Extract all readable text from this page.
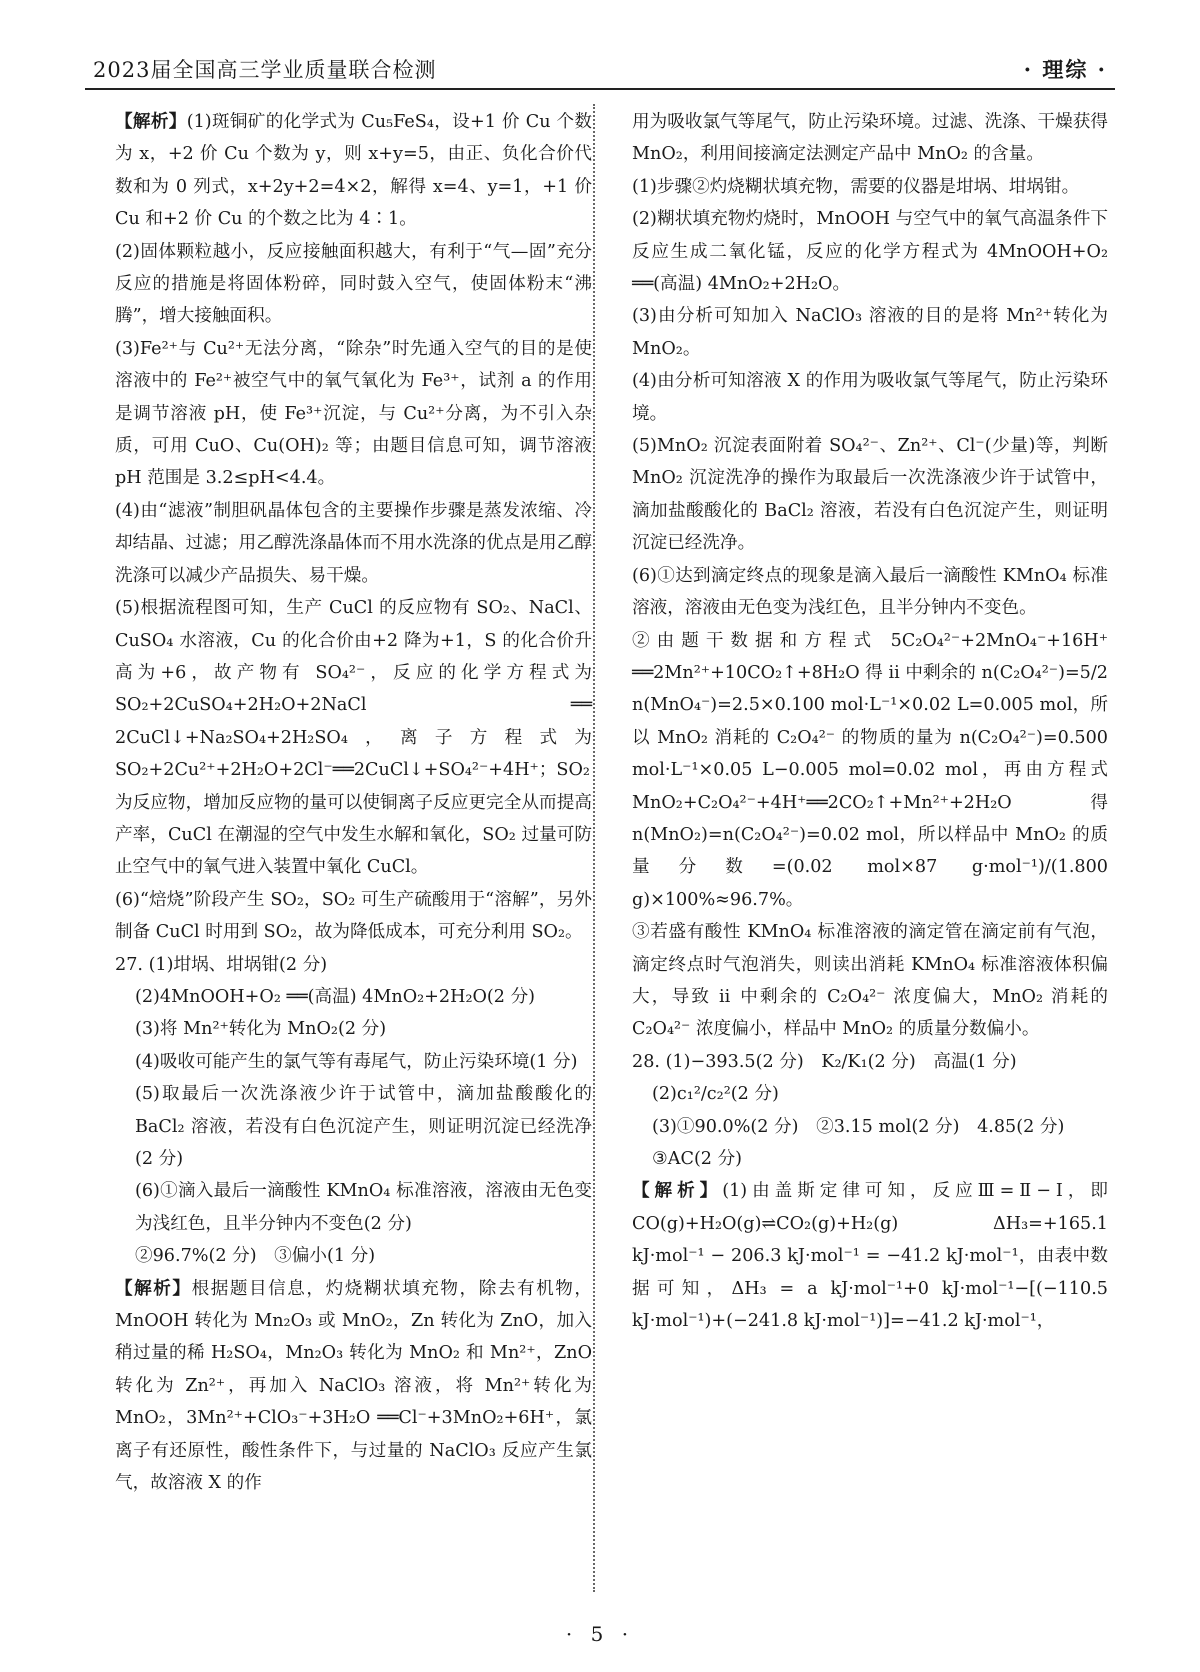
2023届全国高三学业质量联合检测	· 理综 ·

【解析】(1)斑铜矿的化学式为 Cu₅FeS₄，设+1 价 Cu 个数为 x，+2 价 Cu 个数为 y，则 x+y=5，由正、负化合价代数和为 0 列式，x+2y+2=4×2，解得 x=4、y=1，+1 价 Cu 和+2 价 Cu 的个数之比为 4∶1。

(2)固体颗粒越小，反应接触面积越大，有利于“气—固”充分反应的措施是将固体粉碎，同时鼓入空气，使固体粉末“沸腾”，增大接触面积。

(3)Fe²⁺与 Cu²⁺无法分离，“除杂”时先通入空气的目的是使溶液中的 Fe²⁺被空气中的氧气氧化为 Fe³⁺，试剂 a 的作用是调节溶液 pH，使 Fe³⁺沉淀，与 Cu²⁺分离，为不引入杂质，可用 CuO、Cu(OH)₂ 等；由题目信息可知，调节溶液 pH 范围是 3.2≤pH<4.4。

(4)由“滤液”制胆矾晶体包含的主要操作步骤是蒸发浓缩、冷却结晶、过滤；用乙醇洗涤晶体而不用水洗涤的优点是用乙醇洗涤可以减少产品损失、易干燥。

(5)根据流程图可知，生产 CuCl 的反应物有 SO₂、NaCl、CuSO₄ 水溶液，Cu 的化合价由+2 降为+1，S 的化合价升高为+6，故产物有 SO₄²⁻，反应的化学方程式为 SO₂+2CuSO₄+2H₂O+2NaCl ══ 2CuCl↓+Na₂SO₄+2H₂SO₄，离子方程式为 SO₂+2Cu²⁺+2H₂O+2Cl⁻══2CuCl↓+SO₄²⁻+4H⁺；SO₂ 为反应物，增加反应物的量可以使铜离子反应更完全从而提高产率，CuCl 在潮湿的空气中发生水解和氧化，SO₂ 过量可防止空气中的氧气进入装置中氧化 CuCl。

(6)“焙烧”阶段产生 SO₂，SO₂ 可生产硫酸用于“溶解”，另外制备 CuCl 时用到 SO₂，故为降低成本，可充分利用 SO₂。

27. (1)坩埚、坩埚钳(2 分)

(2)4MnOOH+O₂ ══(高温) 4MnO₂+2H₂O(2 分)

(3)将 Mn²⁺转化为 MnO₂(2 分)

(4)吸收可能产生的氯气等有毒尾气，防止污染环境(1 分)

(5)取最后一次洗涤液少许于试管中，滴加盐酸酸化的 BaCl₂ 溶液，若没有白色沉淀产生，则证明沉淀已经洗净(2 分)

(6)①滴入最后一滴酸性 KMnO₄ 标准溶液，溶液由无色变为浅红色，且半分钟内不变色(2 分)

②96.7%(2 分)　③偏小(1 分)

【解析】根据题目信息，灼烧糊状填充物，除去有机物，MnOOH 转化为 Mn₂O₃ 或 MnO₂，Zn 转化为 ZnO，加入稍过量的稀 H₂SO₄，Mn₂O₃ 转化为 MnO₂ 和 Mn²⁺，ZnO 转化为 Zn²⁺，再加入 NaClO₃ 溶液，将 Mn²⁺转化为 MnO₂，3Mn²⁺+ClO₃⁻+3H₂O ══Cl⁻+3MnO₂+6H⁺，氯离子有还原性，酸性条件下，与过量的 NaClO₃ 反应产生氯气，故溶液 X 的作

用为吸收氯气等尾气，防止污染环境。过滤、洗涤、干燥获得 MnO₂，利用间接滴定法测定产品中 MnO₂ 的含量。

(1)步骤②灼烧糊状填充物，需要的仪器是坩埚、坩埚钳。

(2)糊状填充物灼烧时，MnOOH 与空气中的氧气高温条件下反应生成二氧化锰，反应的化学方程式为 4MnOOH+O₂ ══(高温) 4MnO₂+2H₂O。

(3)由分析可知加入 NaClO₃ 溶液的目的是将 Mn²⁺转化为 MnO₂。

(4)由分析可知溶液 X 的作用为吸收氯气等尾气，防止污染环境。

(5)MnO₂ 沉淀表面附着 SO₄²⁻、Zn²⁺、Cl⁻(少量)等，判断 MnO₂ 沉淀洗净的操作为取最后一次洗涤液少许于试管中，滴加盐酸酸化的 BaCl₂ 溶液，若没有白色沉淀产生，则证明沉淀已经洗净。

(6)①达到滴定终点的现象是滴入最后一滴酸性 KMnO₄ 标准溶液，溶液由无色变为浅红色，且半分钟内不变色。

②由题干数据和方程式 5C₂O₄²⁻+2MnO₄⁻+16H⁺ ══2Mn²⁺+10CO₂↑+8H₂O 得 ⅱ 中剩余的 n(C₂O₄²⁻)=5/2 n(MnO₄⁻)=2.5×0.100 mol·L⁻¹×0.02 L=0.005 mol，所以 MnO₂ 消耗的 C₂O₄²⁻ 的物质的量为 n(C₂O₄²⁻)=0.500 mol·L⁻¹×0.05 L−0.005 mol=0.02 mol，再由方程式 MnO₂+C₂O₄²⁻+4H⁺══2CO₂↑+Mn²⁺+2H₂O 得 n(MnO₂)=n(C₂O₄²⁻)=0.02 mol，所以样品中 MnO₂ 的质量分数=(0.02 mol×87 g·mol⁻¹)/(1.800 g)×100%≈96.7%。

③若盛有酸性 KMnO₄ 标准溶液的滴定管在滴定前有气泡，滴定终点时气泡消失，则读出消耗 KMnO₄ 标准溶液体积偏大，导致 ⅱ 中剩余的 C₂O₄²⁻ 浓度偏大，MnO₂ 消耗的 C₂O₄²⁻ 浓度偏小，样品中 MnO₂ 的质量分数偏小。

28. (1)−393.5(2 分)　K₂/K₁(2 分)　高温(1 分)

(2)c₁²/c₂²(2 分)

(3)①90.0%(2 分)　②3.15 mol(2 分)　4.85(2 分)

③AC(2 分)

【解析】(1)由盖斯定律可知，反应Ⅲ=Ⅱ−Ⅰ，即 CO(g)+H₂O(g)⇌CO₂(g)+H₂(g)　ΔH₃=+165.1 kJ·mol⁻¹ − 206.3 kJ·mol⁻¹ = −41.2 kJ·mol⁻¹，由表中数据可知，ΔH₃ = a kJ·mol⁻¹+0 kJ·mol⁻¹−[(−110.5 kJ·mol⁻¹)+(−241.8 kJ·mol⁻¹)]=−41.2 kJ·mol⁻¹，

· 5 ·
